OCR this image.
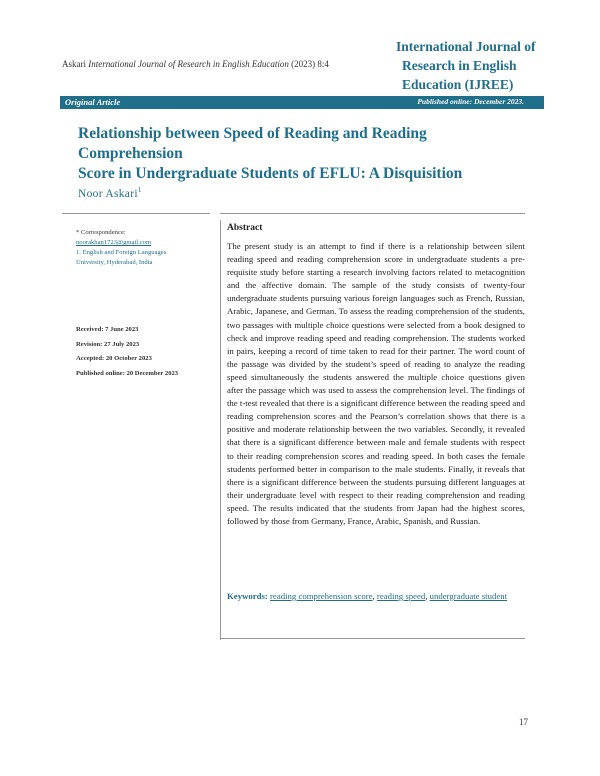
Askari International Journal of Research in English Education (2023) 8:4
International Journal of
Research in English
Education (IJREE)
Original Article	Published online: December 2023.
Relationship between Speed of Reading and Reading Comprehension
Score in Undergraduate Students of EFLU: A Disquisition
Noor Askari$^1$
* Correspondence:
noorakhan1723@gmail.com
1. English and Foreign Languages
University, Hyderabad, India
Received: 7 June 2023
Revision: 27 July 2023
Accepted: 20 October 2023
Published online: 20 December 2023
Abstract
The present study is an attempt to find if there is a relationship between silent reading speed and reading comprehension score in undergraduate students a pre-requisite study before starting a research involving factors related to metacognition and the affective domain. The sample of the study consists of twenty-four undergraduate students pursuing various foreign languages such as French, Russian, Arabic, Japanese, and German. To assess the reading comprehension of the students, two passages with multiple choice questions were selected from a book designed to check and improve reading speed and reading comprehension. The students worked in pairs, keeping a record of time taken to read for their partner. The word count of the passage was divided by the student’s speed of reading to analyze the reading speed simultaneously the students answered the multiple choice questions given after the passage which was used to assess the comprehension level. The findings of the t-test revealed that there is a significant difference between the reading speed and reading comprehension scores and the Pearson’s correlation shows that there is a positive and moderate relationship between the two variables. Secondly, it revealed that there is a significant difference between male and female students with respect to their reading comprehension scores and reading speed. In both cases the female students performed better in comparison to the male students. Finally, it reveals that there is a significant difference between the students pursuing different languages at their undergraduate level with respect to their reading comprehension and reading speed. The results indicated that the students from Japan had the highest scores, followed by those from Germany, France, Arabic, Spanish, and Russian.
Keywords: reading comprehension score, reading speed, undergraduate student
17
